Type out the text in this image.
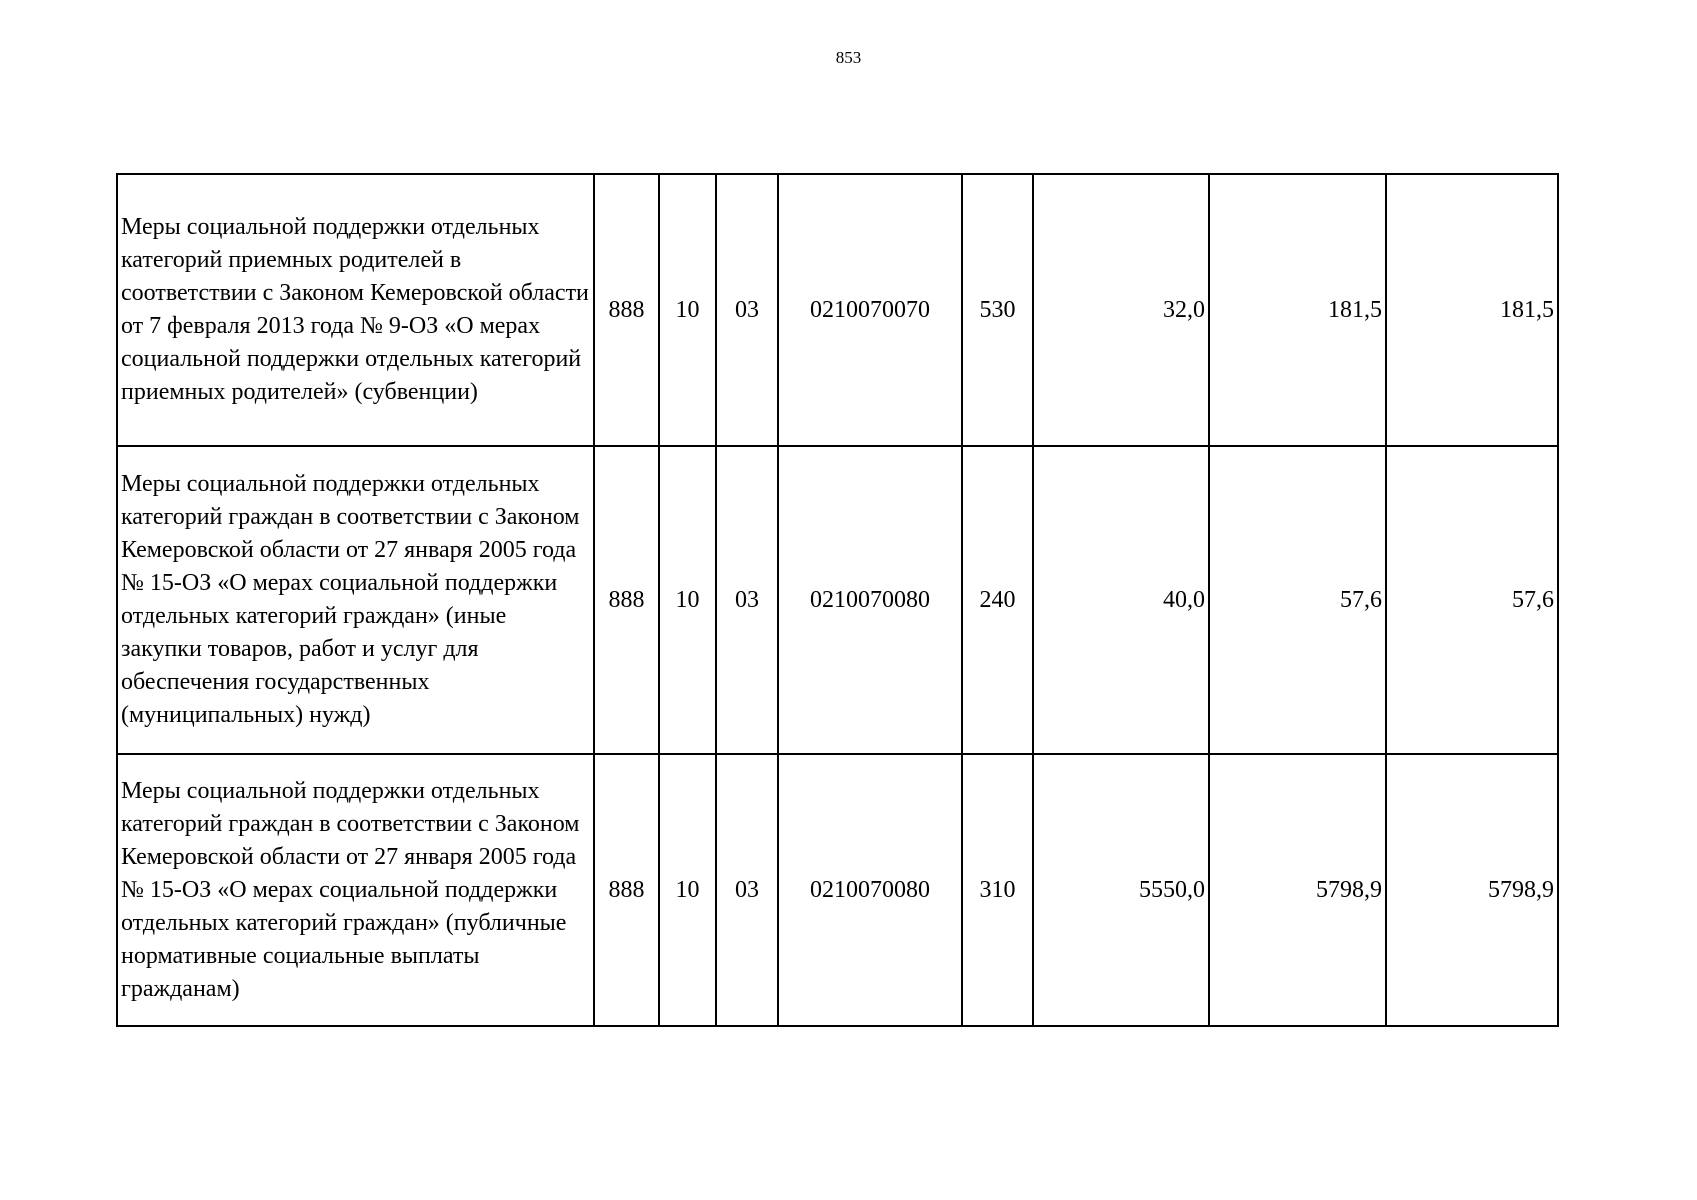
853
Меры социальной поддержки отдельных категорий приемных родителей в соответствии с Законом Кемеровской области от 7 февраля 2013 года № 9-ОЗ «О мерах социальной поддержки отдельных категорий приемных родителей» (субвенции)	888	10	03	0210070070	530	32,0	181,5	181,5
Меры социальной поддержки отдельных категорий граждан в соответствии с Законом Кемеровской области от 27 января 2005 года № 15-ОЗ «О мерах социальной поддержки отдельных категорий граждан» (иные закупки товаров, работ и услуг для обеспечения государственных (муниципальных) нужд)	888	10	03	0210070080	240	40,0	57,6	57,6
Меры социальной поддержки отдельных категорий граждан в соответствии с Законом Кемеровской области от 27 января 2005 года № 15-ОЗ «О мерах социальной поддержки отдельных категорий граждан» (публичные нормативные социальные выплаты гражданам)	888	10	03	0210070080	310	5550,0	5798,9	5798,9
